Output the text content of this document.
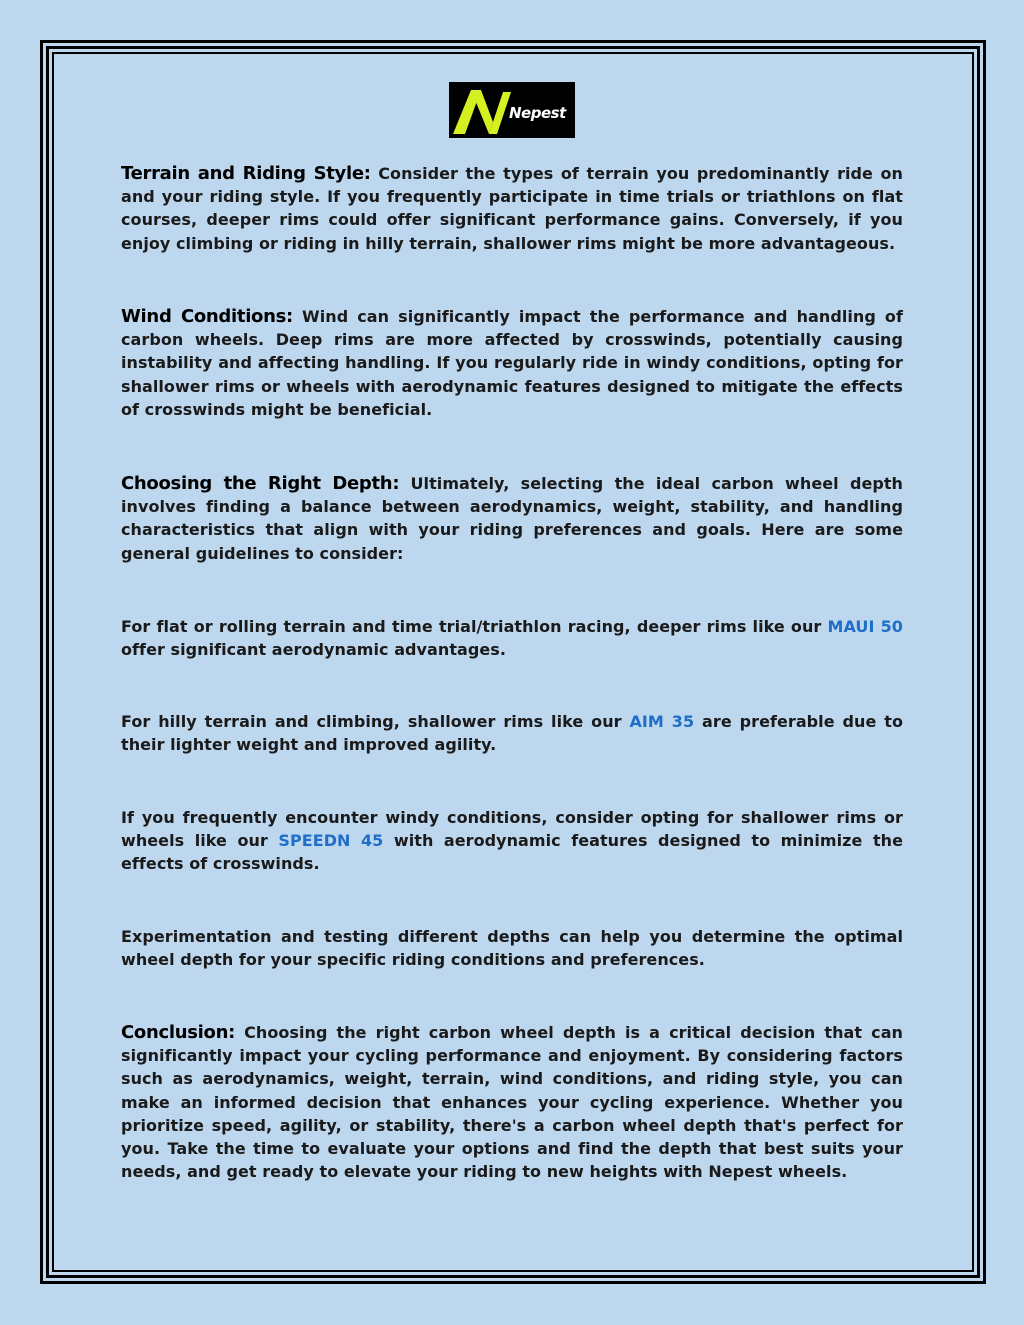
Nepest

Terrain and Riding Style: Consider the types of terrain you predominantly ride on and your riding style. If you frequently participate in time trials or triathlons on flat courses, deeper rims could offer significant performance gains. Conversely, if you enjoy climbing or riding in hilly terrain, shallower rims might be more advantageous.

Wind Conditions: Wind can significantly impact the performance and handling of carbon wheels. Deep rims are more affected by crosswinds, potentially causing instability and affecting handling. If you regularly ride in windy conditions, opting for shallower rims or wheels with aerodynamic features designed to mitigate the effects of crosswinds might be beneficial.

Choosing the Right Depth: Ultimately, selecting the ideal carbon wheel depth involves finding a balance between aerodynamics, weight, stability, and handling characteristics that align with your riding preferences and goals. Here are some general guidelines to consider:

For flat or rolling terrain and time trial/triathlon racing, deeper rims like our MAUI 50 offer significant aerodynamic advantages.

For hilly terrain and climbing, shallower rims like our AIM 35 are preferable due to their lighter weight and improved agility.

If you frequently encounter windy conditions, consider opting for shallower rims or wheels like our SPEEDN 45 with aerodynamic features designed to minimize the effects of crosswinds.

Experimentation and testing different depths can help you determine the optimal wheel depth for your specific riding conditions and preferences.

Conclusion: Choosing the right carbon wheel depth is a critical decision that can significantly impact your cycling performance and enjoyment. By considering factors such as aerodynamics, weight, terrain, wind conditions, and riding style, you can make an informed decision that enhances your cycling experience. Whether you prioritize speed, agility, or stability, there's a carbon wheel depth that's perfect for you. Take the time to evaluate your options and find the depth that best suits your needs, and get ready to elevate your riding to new heights with Nepest wheels.
